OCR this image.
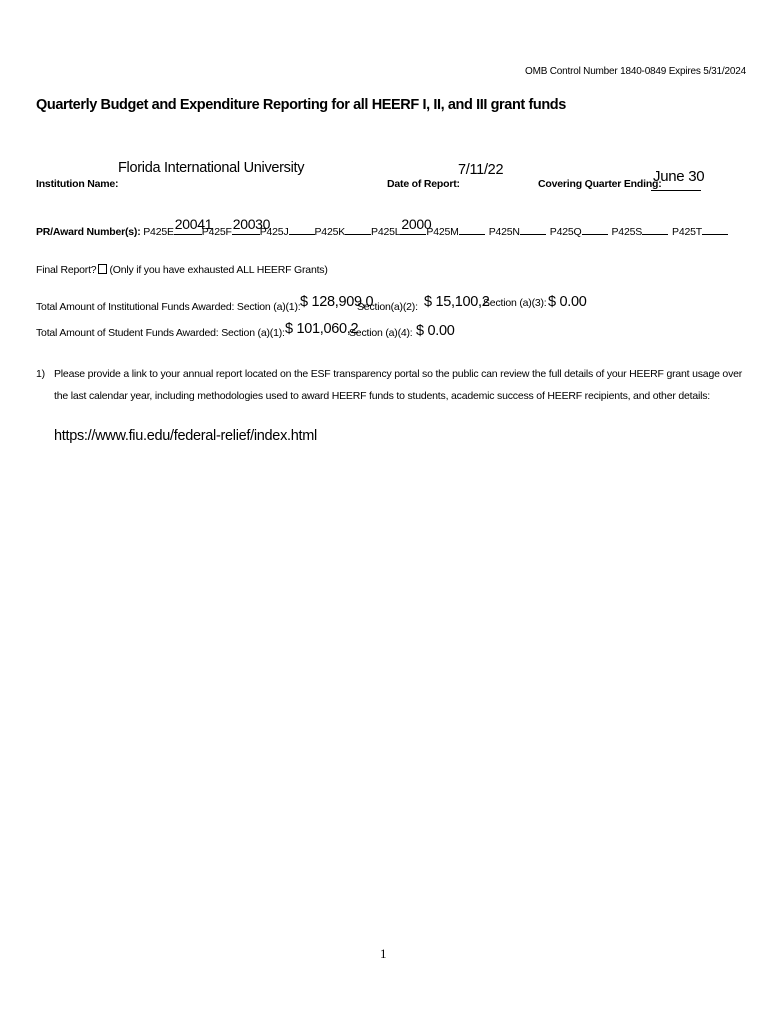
OMB Control Number 1840-0849 Expires 5/31/2024
Quarterly Budget and Expenditure Reporting for all HEERF I, II, and III grant funds
Institution Name:
Florida International University
Date of Report:
7/11/22
Covering Quarter Ending:
June 30
PR/Award Number(s): P425E 20041
P425F 20030
P425J P425K P425L 2000
P425M	P425N	P425Q	P425S	P425T
Final Report? (Only if you have exhausted ALL HEERF Grants)
Total Amount of Institutional Funds Awarded: Section (a)(1): $ 128,909,0
Section(a)(2): $ 15,100,2
Section (a)(3): $ 0.00
Total Amount of Student Funds Awarded: Section (a)(1): $ 101,060,2
Section (a)(4): $ 0.00
1) Please provide a link to your annual report located on the ESF transparency portal so the public can review the full details of your HEERF grant usage over
the last calendar year, including methodologies used to award HEERF funds to students, academic success of HEERF recipients, and other details:
https://www.fiu.edu/federal-relief/index.html
1
